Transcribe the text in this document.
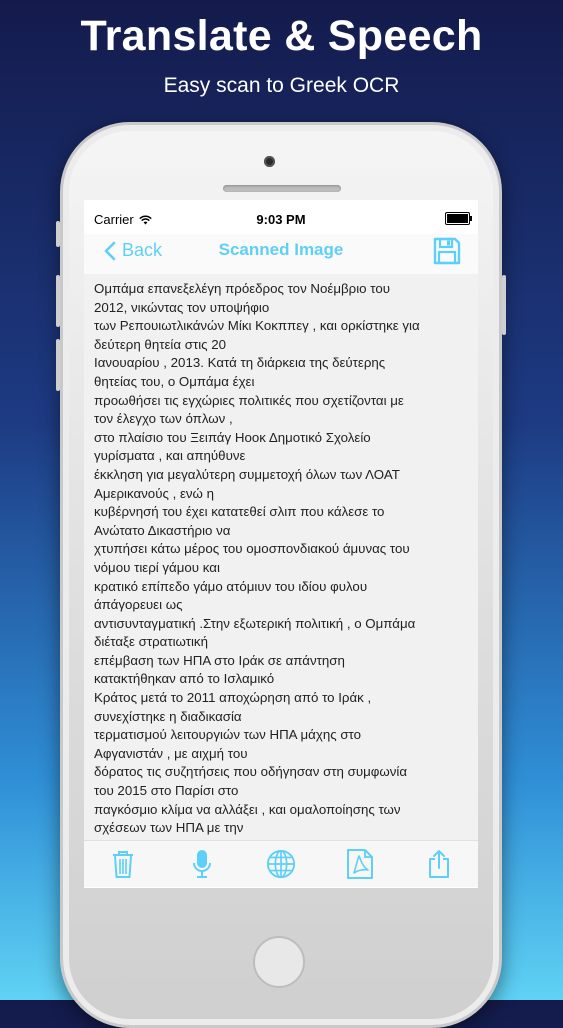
Translate & Speech
Easy scan to Greek OCR
Carrier	9:03 PM
Back	Scanned Image
Ομπάμα επανεξελέγη πρόεδρος τον Νοέμβριο του
2012, νικώντας τον υποψήφιο
των Ρεπουιωτλικάνών Μίκι Κοκππεγ , και ορκίστηκε για
δεύτερη θητεία στις 20
Ιανουαρίου , 2013. Κατά τη διάρκεια της δεύτερης
θητείας του, ο Ομπάμα έχει
προωθήσει τις εγχώριες πολιτικές που σχετίζονται με
τον έλεγχο των όπλων ,
στο πλαίσιο του Ξειπάγ Ηοοκ Δημοτικό Σχολείο
γυρίσματα , και απηύθυνε
έκκληση για μεγαλύτερη συμμετοχή όλων των ΛΟΑΤ
Αμερικανούς , ενώ η
κυβέρνησή του έχει κατατεθεί σλιπ που κάλεσε το
Ανώτατο Δικαστήριο να
χτυπήσει κάτω μέρος του ομοσπονδιακού άμυνας του
νόμου τιερί γάμου και
κρατικό επίπεδο γάμο ατόμιυν του ιδίου φυλου
άπάγορευει ως
αντισυνταγματική .Στην εξωτερική πολιτική , ο Ομπάμα
διέταξε στρατιωτική
επέμβαση των ΗΠΑ στο Ιράκ σε απάντηση
κατακτήθηκαν από το Ισλαμικό
Κράτος μετά το 2011 αποχώρηση από το Ιράκ ,
συνεχίστηκε η διαδικασία
τερματισμού λειτουργιών των ΗΠΑ μάχης στο
Αφγανιστάν , με αιχμή του
δόρατος τις συζητήσεις που οδήγησαν στη συμφωνία
του 2015 στο Παρίσι στο
παγκόσμιο κλίμα να αλλάξει , και ομαλοποίησης των
σχέσεων των ΗΠΑ με την
